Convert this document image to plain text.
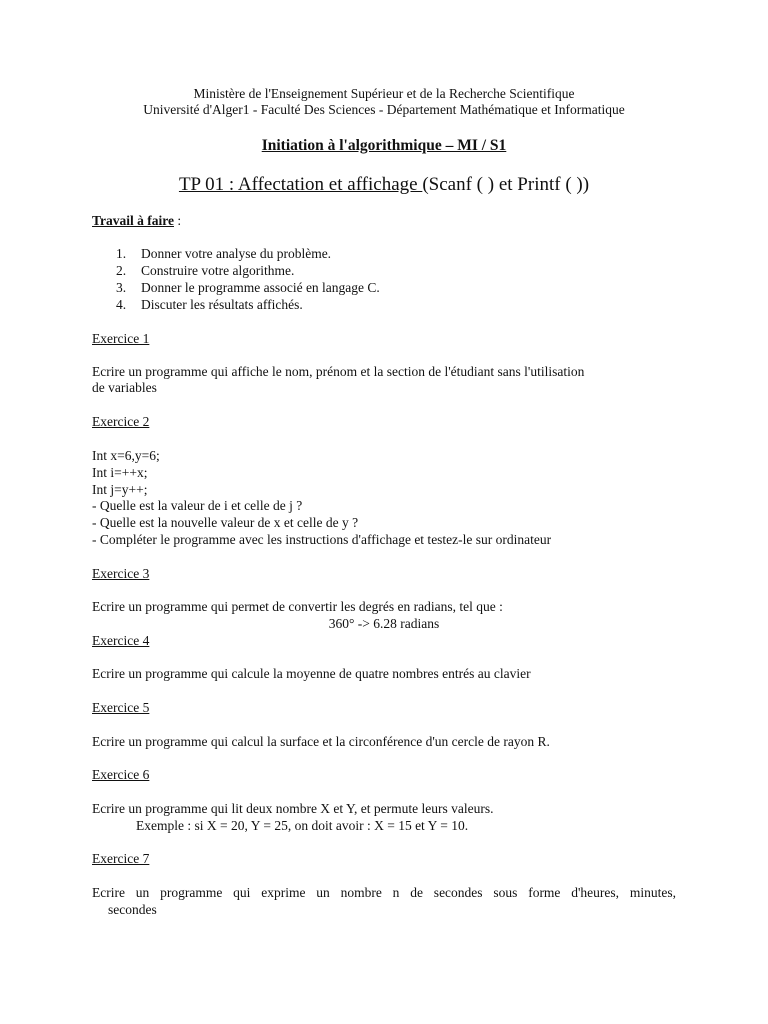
Ministère de l'Enseignement Supérieur et de la Recherche Scientifique
Université d'Alger1 - Faculté Des Sciences - Département Mathématique et Informatique
Initiation à l'algorithmique – MI / S1
TP 01 : Affectation et affichage (Scanf ( ) et Printf ( ))
Travail à faire :
1. Donner votre analyse du problème.
2. Construire votre algorithme.
3. Donner le programme associé en langage C.
4. Discuter les résultats affichés.
Exercice 1
Ecrire un programme qui affiche le nom, prénom et la section de l'étudiant sans l'utilisation
de variables
Exercice 2
Int x=6,y=6;
Int i=++x;
Int j=y++;
- Quelle est la valeur de i et celle de j ?
- Quelle est la nouvelle valeur de x et celle de y ?
- Compléter le programme avec les instructions d'affichage et testez-le sur ordinateur
Exercice 3
Ecrire un programme qui permet de convertir les degrés en radians, tel que :
360° -> 6.28 radians
Exercice 4
Ecrire un programme qui calcule la moyenne de quatre nombres entrés au clavier
Exercice 5
Ecrire un programme qui calcul la surface et la circonférence d'un cercle de rayon R.
Exercice 6
Ecrire un programme qui lit deux nombre X et Y, et permute leurs valeurs.
Exemple : si X = 20, Y = 25, on doit avoir : X = 15 et Y = 10.
Exercice 7
Ecrire un programme qui exprime un nombre n de secondes sous forme d'heures, minutes,
secondes
